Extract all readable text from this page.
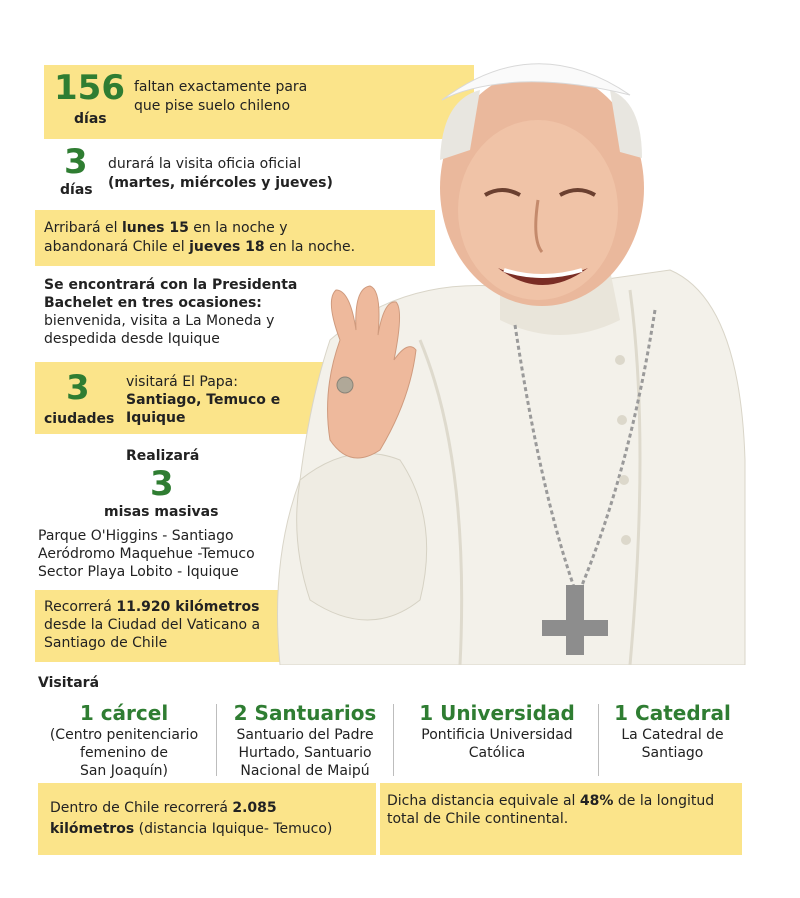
156
días
faltan exactamente para
que pise suelo chileno
3
días
durará la visita oficia oficial
(martes, miércoles y jueves)
Arribará el lunes 15 en la noche y
abandonará Chile el jueves 18 en la noche.
Se encontrará con la Presidenta
Bachelet en tres ocasiones:
bienvenida, visita a La Moneda y
despedida desde Iquique
3
ciudades
visitará El Papa:
Santiago, Temuco e
Iquique
Realizará
3
misas masivas
Parque O'Higgins - Santiago
Aeródromo Maquehue -Temuco
Sector Playa Lobito - Iquique
Recorrerá 11.920 kilómetros
desde la Ciudad del Vaticano a
Santiago de Chile
Visitará
1 cárcel
(Centro penitenciario
femenino de
San Joaquín)
2 Santuarios
Santuario del Padre
Hurtado, Santuario
Nacional de Maipú
1 Universidad
Pontificia Universidad
Católica
1 Catedral
La Catedral de
Santiago
Dentro de Chile recorrerá 2.085
kilómetros (distancia Iquique- Temuco)
Dicha distancia equivale al 48% de la longitud
total de Chile continental.
